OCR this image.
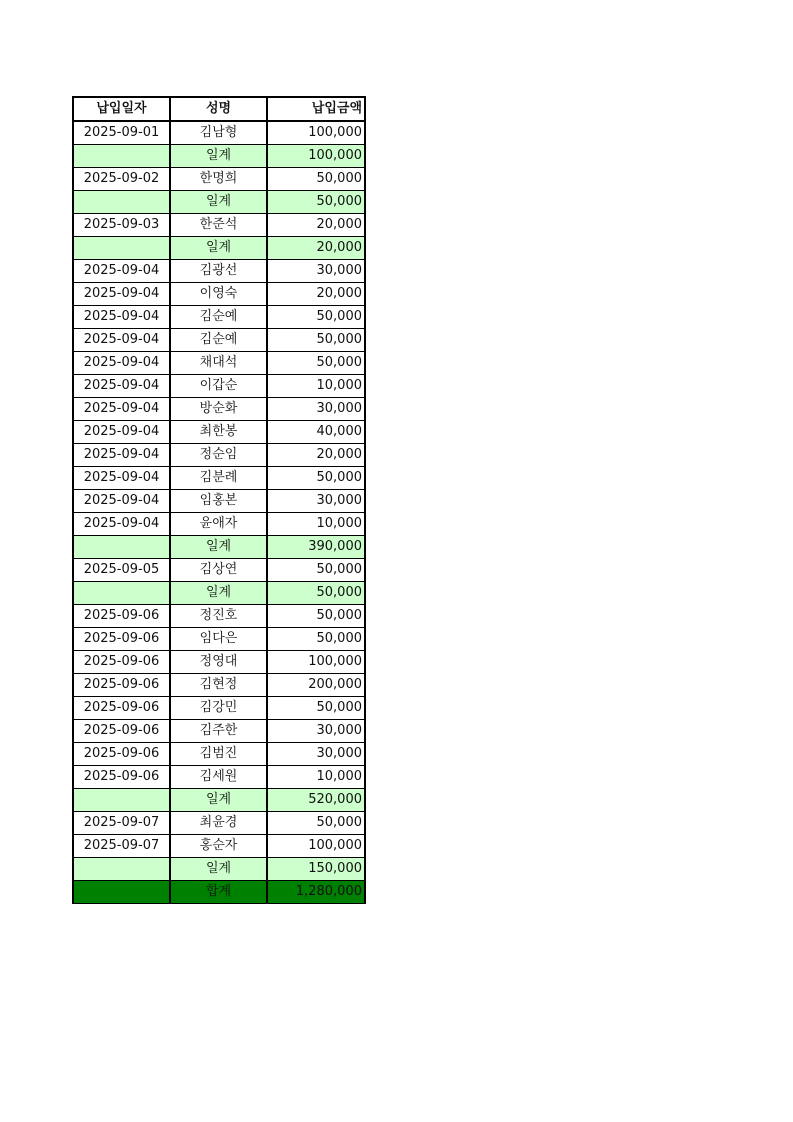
납입일자	성명	납입금액
2025-09-01	김남형	100,000
	일계	100,000
2025-09-02	한명희	50,000
	일계	50,000
2025-09-03	한준석	20,000
	일계	20,000
2025-09-04	김광선	30,000
2025-09-04	이영숙	20,000
2025-09-04	김순예	50,000
2025-09-04	김순예	50,000
2025-09-04	채대석	50,000
2025-09-04	이갑순	10,000
2025-09-04	방순화	30,000
2025-09-04	최한봉	40,000
2025-09-04	정순임	20,000
2025-09-04	김분례	50,000
2025-09-04	임홍본	30,000
2025-09-04	윤애자	10,000
	일계	390,000
2025-09-05	김상연	50,000
	일계	50,000
2025-09-06	정진호	50,000
2025-09-06	임다은	50,000
2025-09-06	정영대	100,000
2025-09-06	김현정	200,000
2025-09-06	김강민	50,000
2025-09-06	김주한	30,000
2025-09-06	김범진	30,000
2025-09-06	김세원	10,000
	일계	520,000
2025-09-07	최윤경	50,000
2025-09-07	홍순자	100,000
	일계	150,000
	합계	1,280,000
